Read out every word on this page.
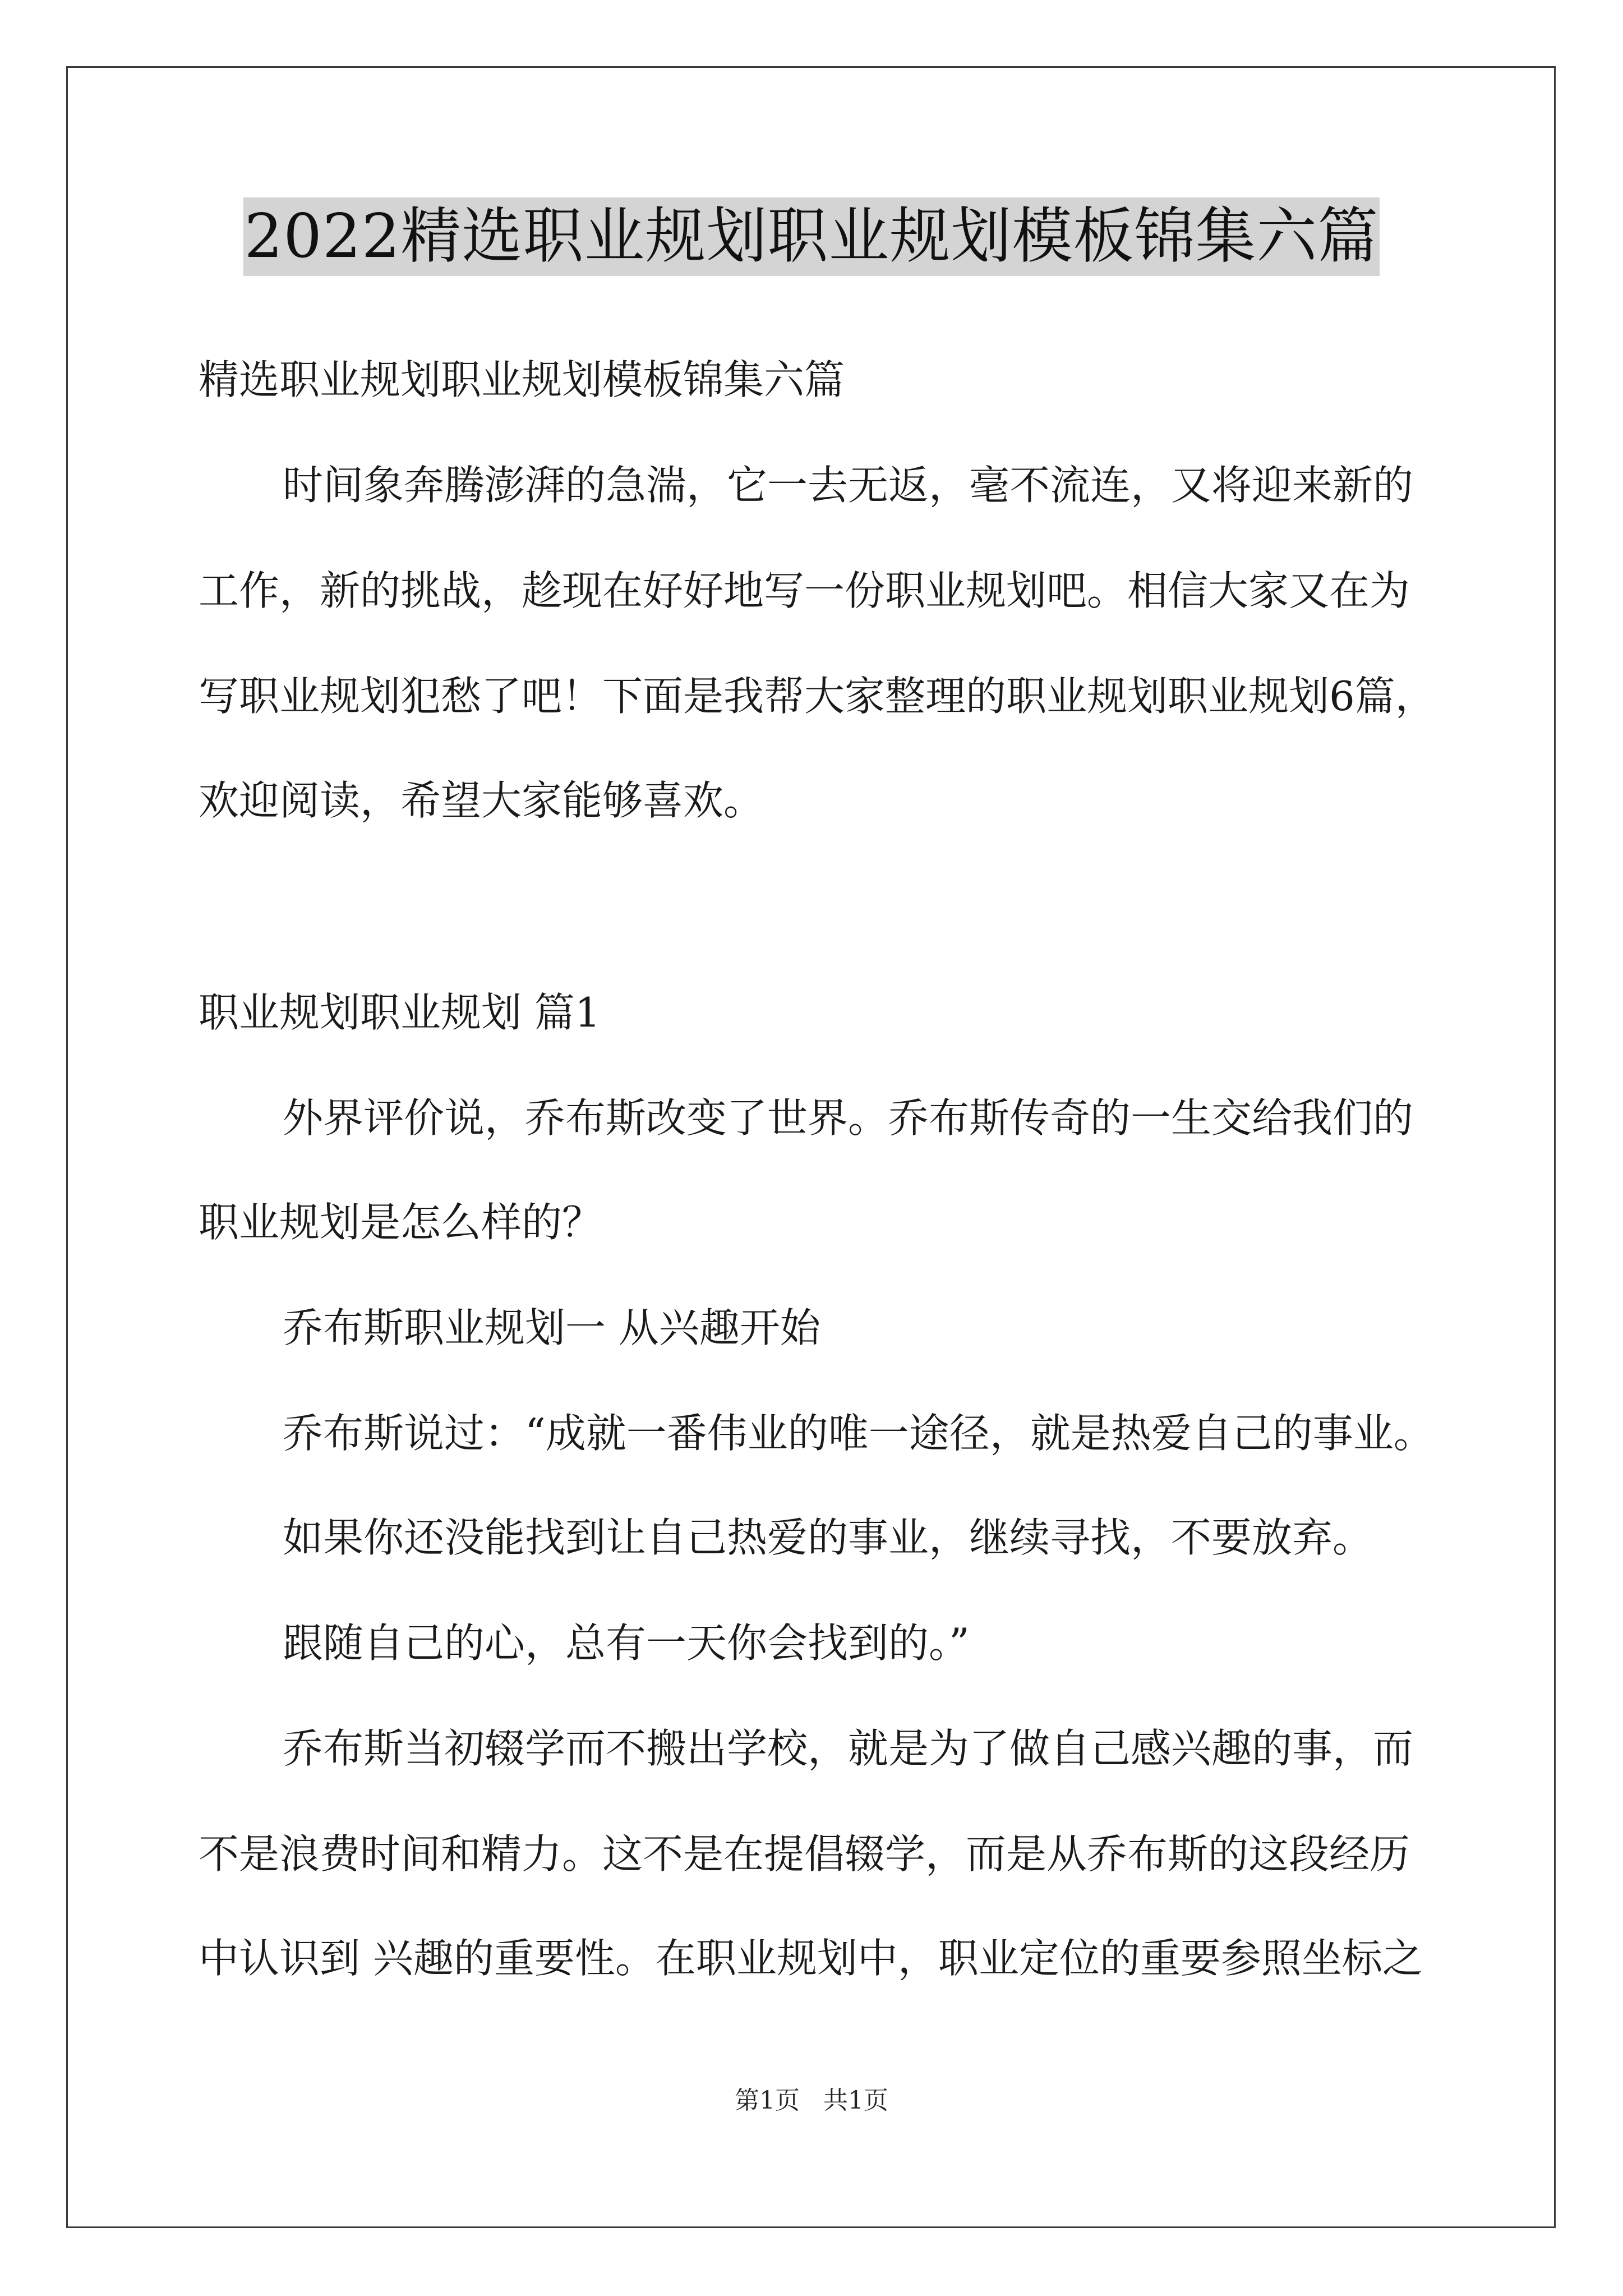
2022精选职业规划职业规划模板锦集六篇
精选职业规划职业规划模板锦集六篇
时间象奔腾澎湃的急湍，它一去无返，毫不流连，又将迎来新的
工作，新的挑战，趁现在好好地写一份职业规划吧。相信大家又在为
写职业规划犯愁了吧！下面是我帮大家整理的职业规划职业规划6篇，
欢迎阅读，希望大家能够喜欢。
职业规划职业规划 篇1
外界评价说，乔布斯改变了世界。乔布斯传奇的一生交给我们的
职业规划是怎么样的？
乔布斯职业规划一 从兴趣开始
乔布斯说过：“成就一番伟业的唯一途径，就是热爱自己的事业。
如果你还没能找到让自己热爱的事业，继续寻找，不要放弃。
跟随自己的心，总有一天你会找到的。”
乔布斯当初辍学而不搬出学校，就是为了做自己感兴趣的事，而
不是浪费时间和精力。这不是在提倡辍学，而是从乔布斯的这段经历
中认识到 兴趣的重要性。在职业规划中，职业定位的重要参照坐标之
第1页 共1页
